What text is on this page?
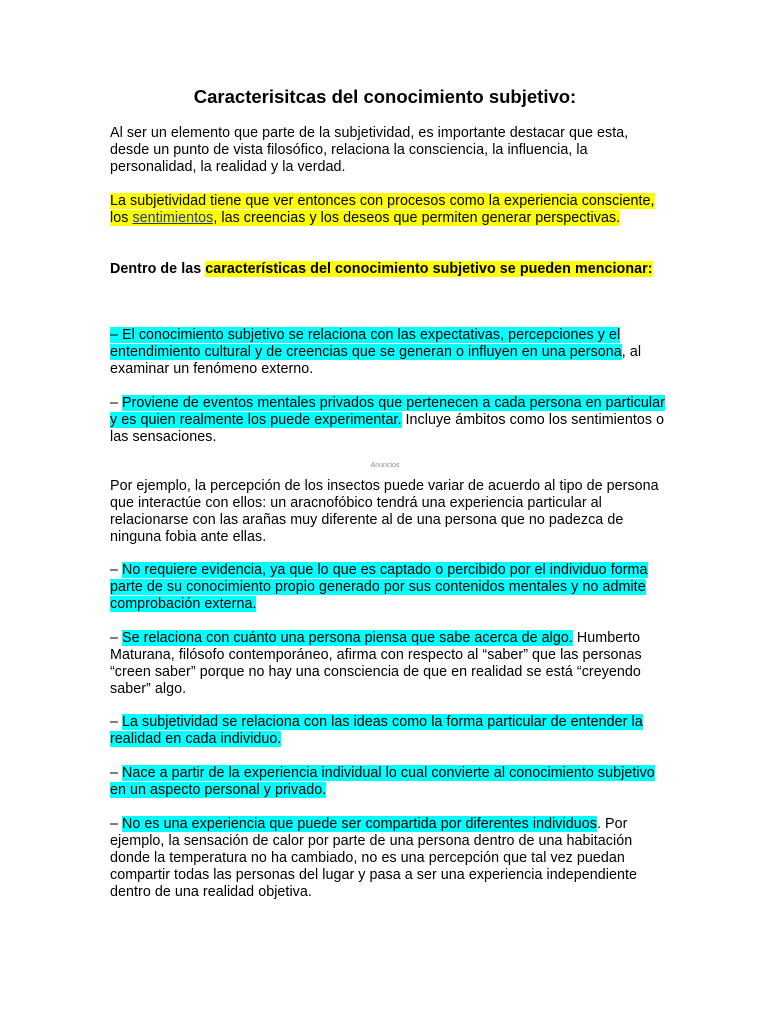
Caracterisitcas del conocimiento subjetivo:

Al ser un elemento que parte de la subjetividad, es importante destacar que esta, desde un punto de vista filosófico, relaciona la consciencia, la influencia, la personalidad, la realidad y la verdad.

La subjetividad tiene que ver entonces con procesos como la experiencia consciente, los sentimientos, las creencias y los deseos que permiten generar perspectivas.

Dentro de las características del conocimiento subjetivo se pueden mencionar:

– El conocimiento subjetivo se relaciona con las expectativas, percepciones y el entendimiento cultural y de creencias que se generan o influyen en una persona, al examinar un fenómeno externo.

– Proviene de eventos mentales privados que pertenecen a cada persona en particular y es quien realmente los puede experimentar. Incluye ámbitos como los sentimientos o las sensaciones.

Anuncios

Por ejemplo, la percepción de los insectos puede variar de acuerdo al tipo de persona que interactúe con ellos: un aracnofóbico tendrá una experiencia particular al relacionarse con las arañas muy diferente al de una persona que no padezca de ninguna fobia ante ellas.

– No requiere evidencia, ya que lo que es captado o percibido por el individuo forma parte de su conocimiento propio generado por sus contenidos mentales y no admite comprobación externa.

– Se relaciona con cuánto una persona piensa que sabe acerca de algo. Humberto Maturana, filósofo contemporáneo, afirma con respecto al “saber” que las personas “creen saber” porque no hay una consciencia de que en realidad se está “creyendo saber” algo.

– La subjetividad se relaciona con las ideas como la forma particular de entender la realidad en cada individuo.

– Nace a partir de la experiencia individual lo cual convierte al conocimiento subjetivo en un aspecto personal y privado.

– No es una experiencia que puede ser compartida por diferentes individuos. Por ejemplo, la sensación de calor por parte de una persona dentro de una habitación donde la temperatura no ha cambiado, no es una percepción que tal vez puedan compartir todas las personas del lugar y pasa a ser una experiencia independiente dentro de una realidad objetiva.
